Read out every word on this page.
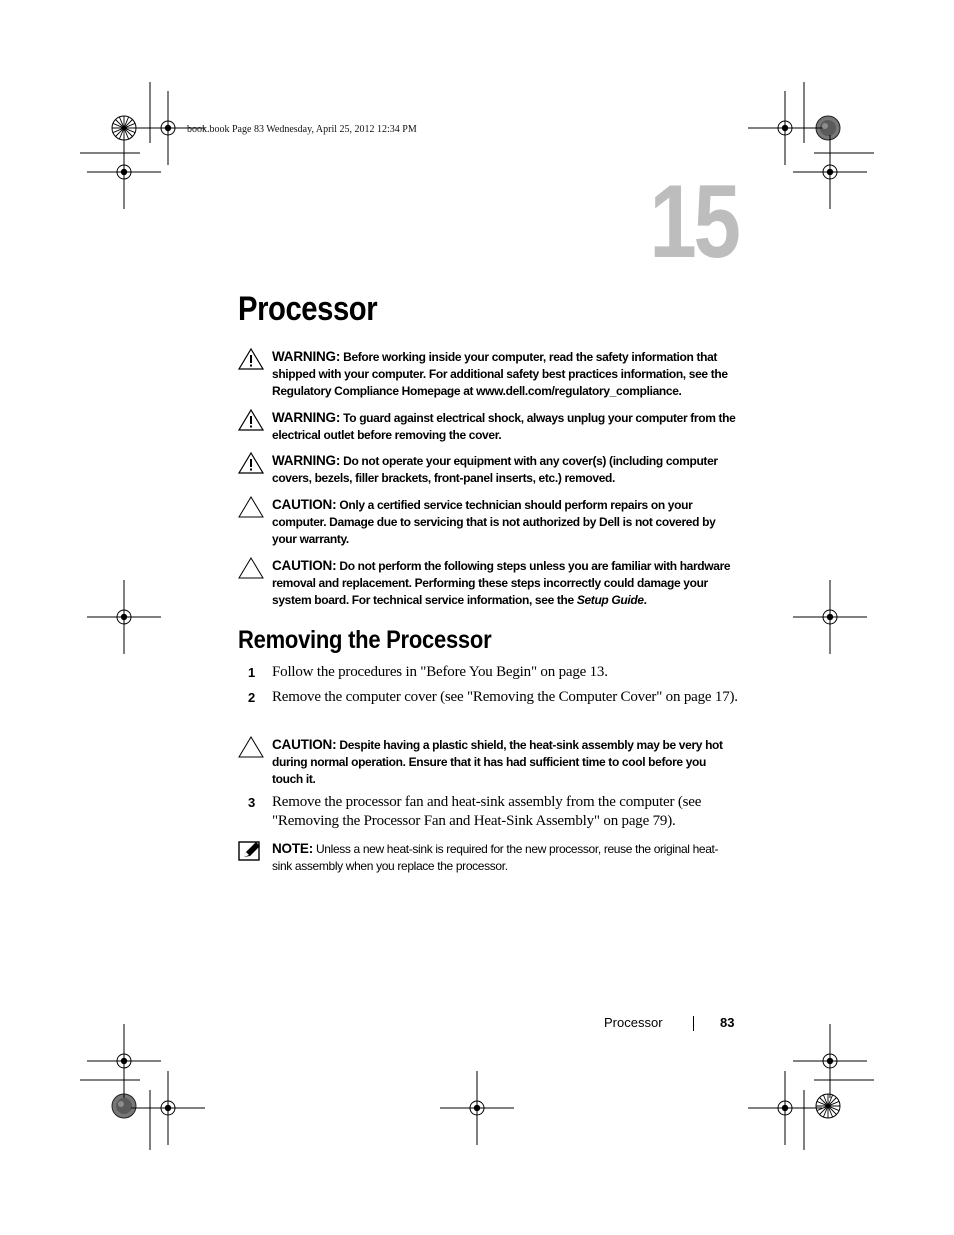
book.book Page 83 Wednesday, April 25, 2012 12:34 PM
15
Processor
WARNING: Before working inside your computer, read the safety information that shipped with your computer. For additional safety best practices information, see the Regulatory Compliance Homepage at www.dell.com/regulatory_compliance.
WARNING: To guard against electrical shock, always unplug your computer from the electrical outlet before removing the cover.
WARNING: Do not operate your equipment with any cover(s) (including computer covers, bezels, filler brackets, front-panel inserts, etc.) removed.
CAUTION: Only a certified service technician should perform repairs on your computer. Damage due to servicing that is not authorized by Dell is not covered by your warranty.
CAUTION: Do not perform the following steps unless you are familiar with hardware removal and replacement. Performing these steps incorrectly could damage your system board. For technical service information, see the Setup Guide.
Removing the Processor
1 Follow the procedures in "Before You Begin" on page 13.
2 Remove the computer cover (see "Removing the Computer Cover" on page 17).
CAUTION: Despite having a plastic shield, the heat-sink assembly may be very hot during normal operation. Ensure that it has had sufficient time to cool before you touch it.
3 Remove the processor fan and heat-sink assembly from the computer (see "Removing the Processor Fan and Heat-Sink Assembly" on page 79).
NOTE: Unless a new heat-sink is required for the new processor, reuse the original heat-sink assembly when you replace the processor.
Processor	83
